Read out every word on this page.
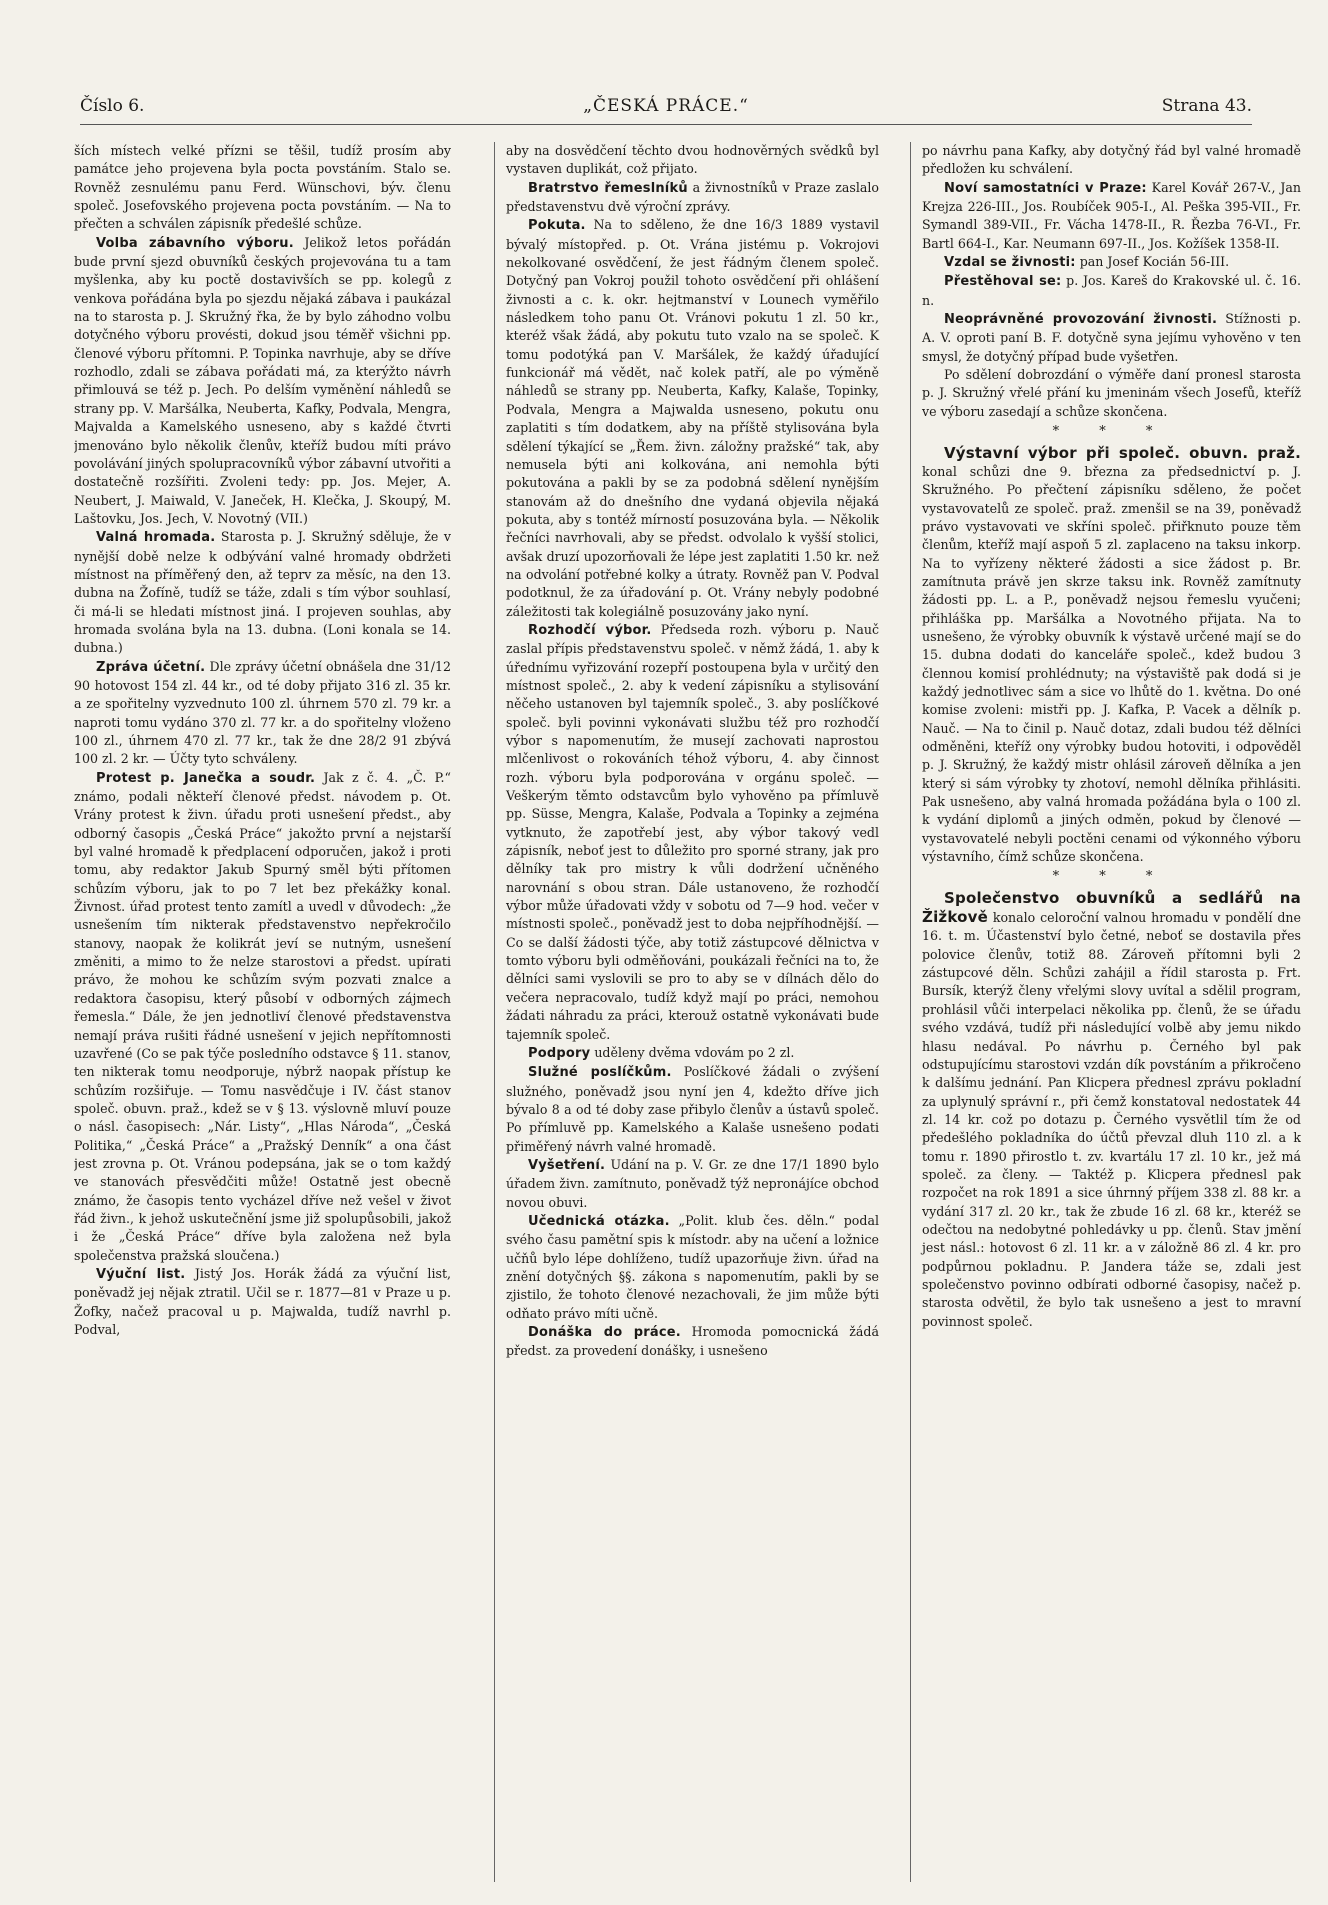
Číslo 6.	„ČESKÁ PRÁCE.“	Strana 43.

ších místech velké přízni se těšil, tudíž prosím aby památce jeho projevena byla pocta povstáním. Stalo se. Rovněž zesnulému panu Ferd. Wünschovi, býv. členu společ. Josefovského projevena pocta povstáním. — Na to přečten a schválen zápisník předešlé schůze.

Volba zábavního výboru. Jelikož letos pořádán bude první sjezd obuvníků českých projevována tu a tam myšlenka, aby ku poctě dostavivších se pp. kolegů z venkova pořádána byla po sjezdu nějaká zábava i paukázal na to starosta p. J. Skružný řka, že by bylo záhodno volbu dotyčného výboru provésti, dokud jsou téměř všichni pp. členové výboru přítomni. P. Topinka navrhuje, aby se dříve rozhodlo, zdali se zábava pořádati má, za kterýžto návrh přimlouvá se též p. Jech. Po delším vyměnění náhledů se strany pp. V. Maršálka, Neuberta, Kafky, Podvala, Mengra, Majvalda a Kamelského usneseno, aby s každé čtvrti jmenováno bylo několik členův, kteříž budou míti právo povolávání jiných spolupracovníků výbor zábavní utvořiti a dostatečně rozšířiti. Zvoleni tedy: pp. Jos. Mejer, A. Neubert, J. Maiwald, V. Janeček, H. Klečka, J. Skoupý, M. Laštovku, Jos. Jech, V. Novotný (VII.)

Valná hromada. Starosta p. J. Skružný sděluje, že v nynější době nelze k odbývání valné hromady obdržeti místnost na příměřený den, až teprv za měsíc, na den 13. dubna na Žofíně, tudíž se táže, zdali s tím výbor souhlasí, či má-li se hledati místnost jiná. I projeven souhlas, aby hromada svolána byla na 13. dubna. (Loni konala se 14. dubna.)

Zpráva účetní. Dle zprávy účetní obnášela dne 31/12 90 hotovost 154 zl. 44 kr., od té doby přijato 316 zl. 35 kr. a ze spořitelny vyzvednuto 100 zl. úhrnem 570 zl. 79 kr. a naproti tomu vydáno 370 zl. 77 kr. a do spořitelny vloženo 100 zl., úhrnem 470 zl. 77 kr., tak že dne 28/2 91 zbývá 100 zl. 2 kr. — Účty tyto schváleny.

Protest p. Janečka a soudr. Jak z č. 4. „Č. P.“ známo, podali někteří členové předst. návodem p. Ot. Vrány protest k živn. úřadu proti usnešení předst., aby odborný časopis „Česká Práce“ jakožto první a nejstarší byl valné hromadě k předplacení odporučen, jakož i proti tomu, aby redaktor Jakub Spurný směl býti přítomen schůzím výboru, jak to po 7 let bez překážky konal. Živnost. úřad protest tento zamítl a uvedl v důvodech: „že usnešením tím nikterak představenstvo nepřekročilo stanovy, naopak že kolikrát jeví se nutným, usnešení změniti, a mimo to že nelze starostovi a předst. upírati právo, že mohou ke schůzím svým pozvati znalce a redaktora časopisu, který působí v odborných zájmech řemesla.“ Dále, že jen jednotliví členové představenstva nemají práva rušiti řádné usnešení v jejich nepřítomnosti uzavřené (Co se pak týče posledního odstavce § 11. stanov, ten nikterak tomu neodporuje, nýbrž naopak přístup ke schůzím rozšiřuje. — Tomu nasvědčuje i IV. část stanov společ. obuvn. praž., kdež se v § 13. výslovně mluví pouze o násl. časopisech: „Nár. Listy“, „Hlas Národa“, „Česká Politika,“ „Česká Práce“ a „Pražský Denník“ a ona část jest zrovna p. Ot. Vránou podepsána, jak se o tom každý ve stanovách přesvědčiti může! Ostatně jest obecně známo, že časopis tento vycházel dříve než vešel v život řád živn., k jehož uskutečnění jsme již spolupůsobili, jakož i že „Česká Práce“ dříve byla založena než byla společenstva pražská sloučena.)

Výuční list. Jistý Jos. Horák žádá za výuční list, poněvadž jej nějak ztratil. Učil se r. 1877—81 v Praze u p. Žofky, načež pracoval u p. Majwalda, tudíž navrhl p. Podval,

aby na dosvědčení těchto dvou hodnověrných svědků byl vystaven duplikát, což přijato.

Bratrstvo řemeslníků a živnostníků v Praze zaslalo představenstvu dvě výroční zprávy.

Pokuta. Na to sděleno, že dne 16/3 1889 vystavil bývalý místopřed. p. Ot. Vrána jistému p. Vokrojovi nekolkované osvědčení, že jest řádným členem společ. Dotyčný pan Vokroj použil tohoto osvědčení při ohlášení živnosti a c. k. okr. hejtmanství v Lounech vyměřilo následkem toho panu Ot. Vránovi pokutu 1 zl. 50 kr., kteréž však žádá, aby pokutu tuto vzalo na se společ. K tomu podotýká pan V. Maršálek, že každý úřadující funkcionář má vědět, nač kolek patří, ale po výměně náhledů se strany pp. Neuberta, Kafky, Kalaše, Topinky, Podvala, Mengra a Majwalda usneseno, pokutu onu zaplatiti s tím dodatkem, aby na příště stylisována byla sdělení týkající se „Řem. živn. záložny pražské“ tak, aby nemusela býti ani kolkována, ani nemohla býti pokutována a pakli by se za podobná sdělení nynějším stanovám až do dnešního dne vydaná objevila nějaká pokuta, aby s tontéž mírností posuzována byla. — Několik řečníci navrhovali, aby se předst. odvolalo k vyšší stolici, avšak druzí upozorňovali že lépe jest zaplatiti 1.50 kr. než na odvolání potřebné kolky a útraty. Rovněž pan V. Podval podotknul, že za úřadování p. Ot. Vrány nebyly podobné záležitosti tak kolegiálně posuzovány jako nyní.

Rozhodčí výbor. Předseda rozh. výboru p. Nauč zaslal přípis představenstvu společ. v němž žádá, 1. aby k úřednímu vyřizování rozepří postoupena byla v určitý den místnost společ., 2. aby k vedení zápisníku a stylisování něčeho ustanoven byl tajemník společ., 3. aby poslíčkové společ. byli povinni vykonávati službu též pro rozhodčí výbor s napomenutím, že musejí zachovati naprostou mlčenlivost o rokováních téhož výboru, 4. aby činnost rozh. výboru byla podporována v orgánu společ. — Veškerým těmto odstavcům bylo vyhověno pa přímluvě pp. Süsse, Mengra, Kalaše, Podvala a Topinky a zejména vytknuto, že zapotřebí jest, aby výbor takový vedl zápisník, neboť jest to důležito pro sporné strany, jak pro dělníky tak pro mistry k vůli dodržení učněného narovnání s obou stran. Dále ustanoveno, že rozhodčí výbor může úřadovati vždy v sobotu od 7—9 hod. večer v místnosti společ., poněvadž jest to doba nejpříhodnější. — Co se další žádosti týče, aby totiž zástupcové dělnictva v tomto výboru byli odměňováni, poukázali řečníci na to, že dělníci sami vyslovili se pro to aby se v dílnách dělo do večera nepracovalo, tudíž když mají po práci, nemohou žádati náhradu za práci, kterouž ostatně vykonávati bude tajemník společ.

Podpory uděleny dvěma vdovám po 2 zl.

Služné poslíčkům. Poslíčkové žádali o zvýšení služného, poněvadž jsou nyní jen 4, kdežto dříve jich bývalo 8 a od té doby zase přibylo členův a ústavů společ. Po přímluvě pp. Kamelského a Kalaše usnešeno podati přiměřený návrh valné hromadě.

Vyšetření. Udání na p. V. Gr. ze dne 17/1 1890 bylo úřadem živn. zamítnuto, poněvadž týž nepronájíce obchod novou obuvi.

Učednická otázka. „Polit. klub čes. děln.“ podal svého času pamětní spis k místodr. aby na učení a ložnice učňů bylo lépe dohlíženo, tudíž upazorňuje živn. úřad na znění dotyčných §§. zákona s napomenutím, pakli by se zjistilo, že tohoto členové nezachovali, že jim může býti odňato právo míti učně.

Donáška do práce. Hromoda pomocnická žádá předst. za provedení donášky, i usnešeno

po návrhu pana Kafky, aby dotyčný řád byl valné hromadě předložen ku schválení.

Noví samostatníci v Praze: Karel Kovář 267-V., Jan Krejza 226-III., Jos. Roubíček 905-I., Al. Peška 395-VII., Fr. Symandl 389-VII., Fr. Vácha 1478-II., R. Řezba 76-VI., Fr. Bartl 664-I., Kar. Neumann 697-II., Jos. Kožíšek 1358-II.

Vzdal se živnosti: pan Josef Kocián 56-III.

Přestěhoval se: p. Jos. Kareš do Krakovské ul. č. 16. n.

Neoprávněné provozování živnosti. Stížnosti p. A. V. oproti paní B. F. dotyčně syna jejímu vyhověno v ten smysl, že dotyčný případ bude vyšetřen.

Po sdělení dobrozdání o výměře daní pronesl starosta p. J. Skružný vřelé přání ku jmeninám všech Josefů, kteříž ve výboru zasedají a schůze skončena.

* * *

Výstavní výbor při společ. obuvn. praž. konal schůzi dne 9. března za předsednictví p. J. Skružného. Po přečtení zápisníku sděleno, že počet vystavovatelů ze společ. praž. zmenšil se na 39, poněvadž právo vystavovati ve skříni společ. přiřknuto pouze těm členům, kteříž mají aspoň 5 zl. zaplaceno na taksu inkorp. Na to vyřízeny některé žádosti a sice žádost p. Br. zamítnuta právě jen skrze taksu ink. Rovněž zamítnuty žádosti pp. L. a P., poněvadž nejsou řemeslu vyučeni; přihláška pp. Maršálka a Novotného přijata. Na to usnešeno, že výrobky obuvník k výstavě určené mají se do 15. dubna dodati do kanceláře společ., kdež budou 3 člennou komisí prohlédnuty; na výstaviště pak dodá si je každý jednotlivec sám a sice vo lhůtě do 1. května. Do oné komise zvoleni: mistři pp. J. Kafka, P. Vacek a dělník p. Nauč. — Na to činil p. Nauč dotaz, zdali budou též dělníci odměněni, kteříž ony výrobky budou hotoviti, i odpověděl p. J. Skružný, že každý mistr ohlásil zároveň dělníka a jen který si sám výrobky ty zhotoví, nemohl dělníka přihlásiti. Pak usnešeno, aby valná hromada požádána byla o 100 zl. k vydání diplomů a jiných odměn, pokud by členové — vystavovatelé nebyli poctěni cenami od výkonného výboru výstavního, čímž schůze skončena.

* * *

Společenstvo obuvníků a sedlářů na Žižkově konalo celoroční valnou hromadu v pondělí dne 16. t. m. Účastenství bylo četné, neboť se dostavila přes polovice členův, totiž 88. Zároveň přítomni byli 2 zástupcové děln. Schůzi zahájil a řídil starosta p. Frt. Bursík, kterýž členy vřelými slovy uvítal a sdělil program, prohlásil vůči interpelaci několika pp. členů, že se úřadu svého vzdává, tudíž při následující volbě aby jemu nikdo hlasu nedával. Po návrhu p. Černého byl pak odstupujícímu starostovi vzdán dík povstáním a přikročeno k dalšímu jednání. Pan Klicpera přednesl zprávu pokladní za uplynulý správní r., při čemž konstatoval nedostatek 44 zl. 14 kr. což po dotazu p. Černého vysvětlil tím že od předešlého pokladníka do účtů převzal dluh 110 zl. a k tomu r. 1890 přirostlo t. zv. kvartálu 17 zl. 10 kr., jež má společ. za členy. — Taktéž p. Klicpera přednesl pak rozpočet na rok 1891 a sice úhrnný příjem 338 zl. 88 kr. a vydání 317 zl. 20 kr., tak že zbude 16 zl. 68 kr., kteréž se odečtou na nedobytné pohledávky u pp. členů. Stav jmění jest násl.: hotovost 6 zl. 11 kr. a v záložně 86 zl. 4 kr. pro podpůrnou pokladnu. P. Jandera táže se, zdali jest společenstvo povinno odbírati odborné časopisy, načež p. starosta odvětil, že bylo tak usnešeno a jest to mravní povinnost společ.
